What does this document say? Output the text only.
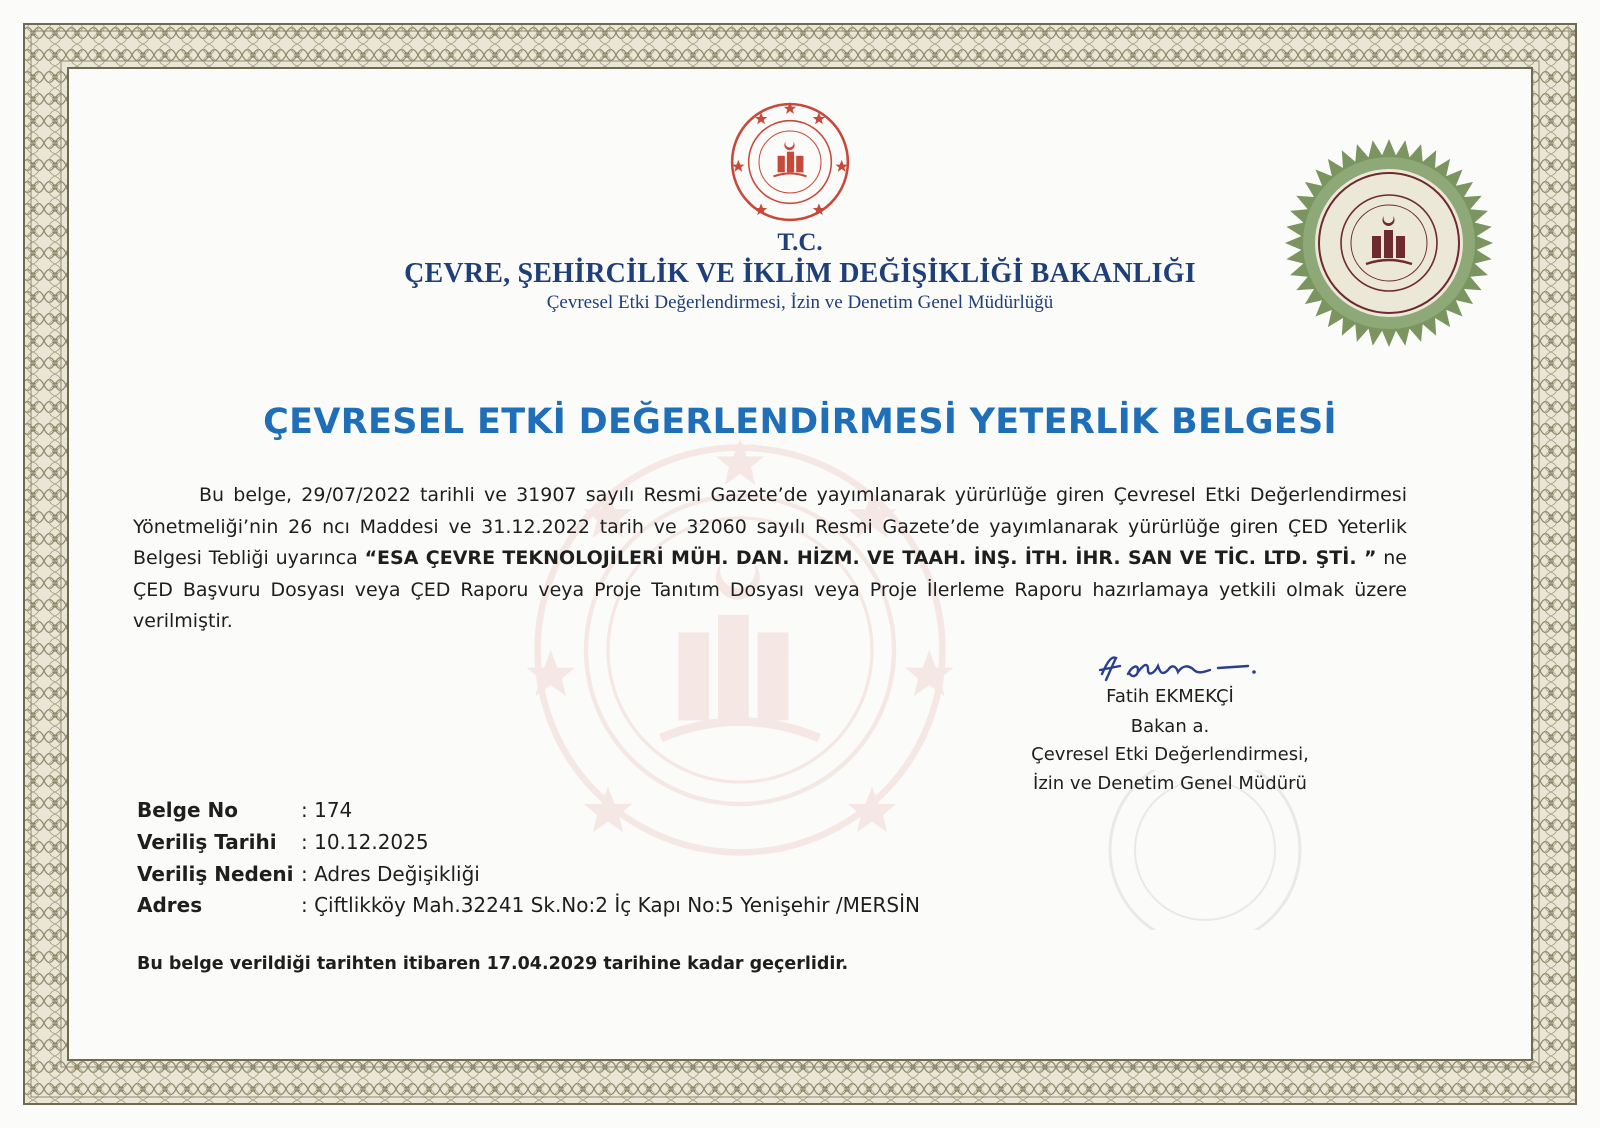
T.C.
ÇEVRE, ŞEHİRCİLİK VE İKLİM DEĞİŞİKLİĞİ BAKANLIĞI
Çevresel Etki Değerlendirmesi, İzin ve Denetim Genel Müdürlüğü
ÇEVRESEL ETKİ DEĞERLENDİRMESİ YETERLİK BELGESİ
Bu belge, 29/07/2022 tarihli ve 31907 sayılı Resmi Gazete’de yayımlanarak yürürlüğe giren Çevresel Etki Değerlendirmesi Yönetmeliği’nin 26 ncı Maddesi ve 31.12.2022 tarih ve 32060 sayılı Resmi Gazete’de yayımlanarak yürürlüğe giren ÇED Yeterlik Belgesi Tebliği uyarınca “ESA ÇEVRE TEKNOLOJİLERİ MÜH. DAN. HİZM. VE TAAH. İNŞ. İTH. İHR. SAN VE TİC. LTD. ŞTİ. ” ne ÇED Başvuru Dosyası veya ÇED Raporu veya Proje Tanıtım Dosyası veya Proje İlerleme Raporu hazırlamaya yetkili olmak üzere verilmiştir.
Fatih EKMEKÇİ
Bakan a.
Çevresel Etki Değerlendirmesi,
İzin ve Denetim Genel Müdürü
Belge No	: 174
Veriliş Tarihi : 10.12.2025
Veriliş Nedeni : Adres Değişikliği
Adres	: Çiftlikköy Mah.32241 Sk.No:2 İç Kapı No:5 Yenişehir /MERSİN
Bu belge verildiği tarihten itibaren 17.04.2029 tarihine kadar geçerlidir.
